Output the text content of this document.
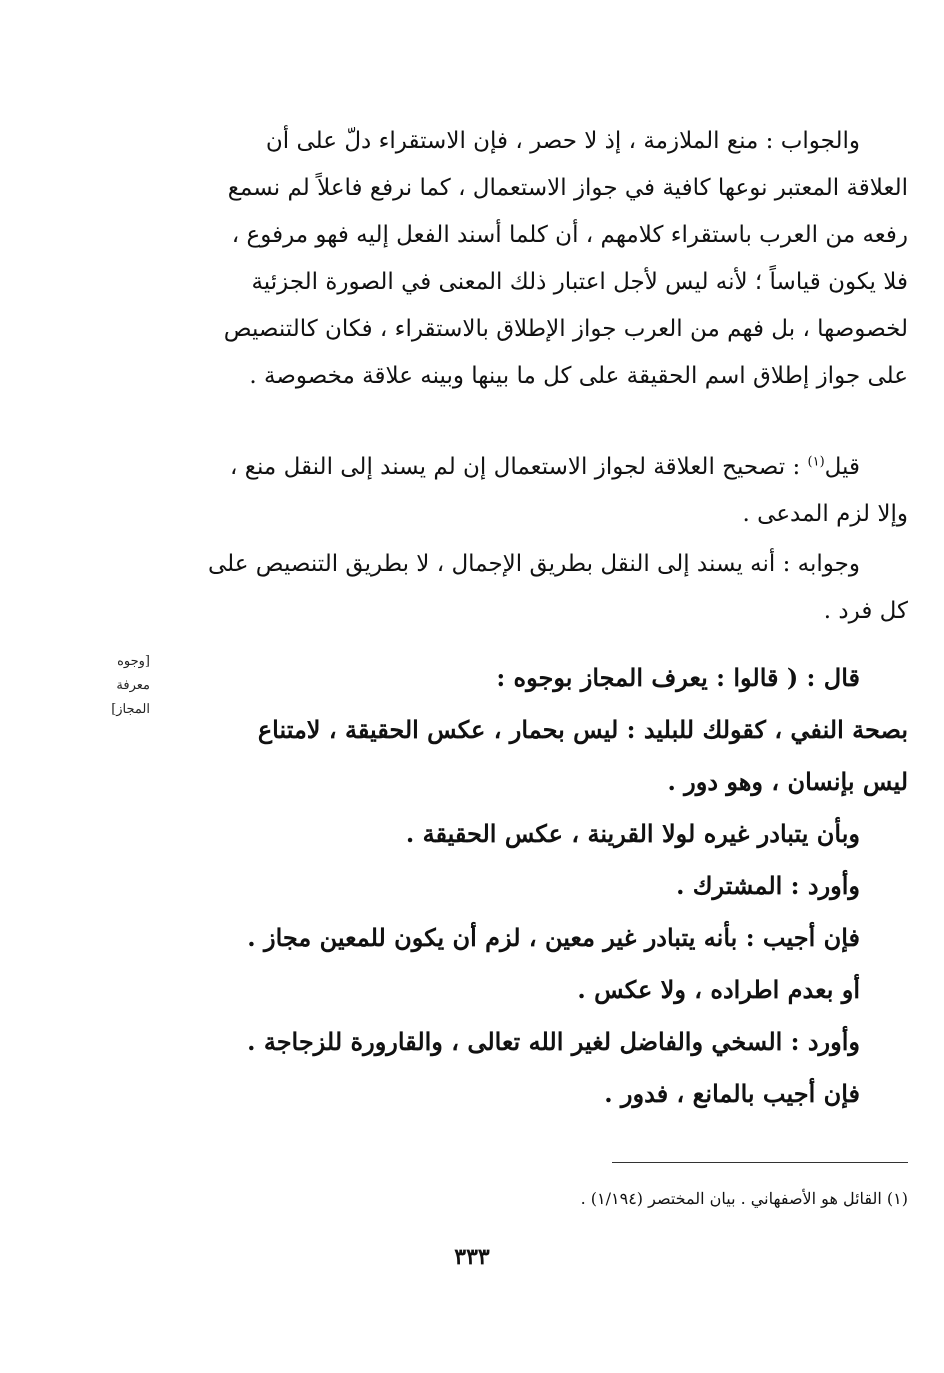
والجواب : منع الملازمة ، إذ لا حصر ، فإن الاستقراء دلّ على أن
العلاقة المعتبر نوعها كافية في جواز الاستعمال ، كما نرفع فاعلاً لم نسمع
رفعه من العرب باستقراء كلامهم ، أن كلما أسند الفعل إليه فهو مرفوع ،
فلا يكون قياساً ؛ لأنه ليس لأجل اعتبار ذلك المعنى في الصورة الجزئية
لخصوصها ، بل فهم من العرب جواز الإطلاق بالاستقراء ، فكان كالتنصيص
على جواز إطلاق اسم الحقيقة على كل ما بينها وبينه علاقة مخصوصة .
قيل$^{(١)}$ : تصحيح العلاقة لجواز الاستعمال إن لم يسند إلى النقل منع ،
وإلا لزم المدعى .
وجوابه : أنه يسند إلى النقل بطريق الإجمال ، لا بطريق التنصيص على
كل فرد .
[وجوه
معرفة المجاز]
قال : ( قالوا : يعرف المجاز بوجوه :
بصحة النفي ، كقولك للبليد : ليس بحمار ، عكس الحقيقة ، لامتناع
ليس بإنسان ، وهو دور .
وبأن يتبادر غيره لولا القرينة ، عكس الحقيقة .
وأورد : المشترك .
فإن أجيب : بأنه يتبادر غير معين ، لزم أن يكون للمعين مجاز .
أو بعدم اطراده ، ولا عكس .
وأورد : السخي والفاضل لغير الله تعالى ، والقارورة للزجاجة .
فإن أجيب بالمانع ، فدور .
(١) القائل هو الأصفهاني . بيان المختصر (١/١٩٤) .
٣٣٣
